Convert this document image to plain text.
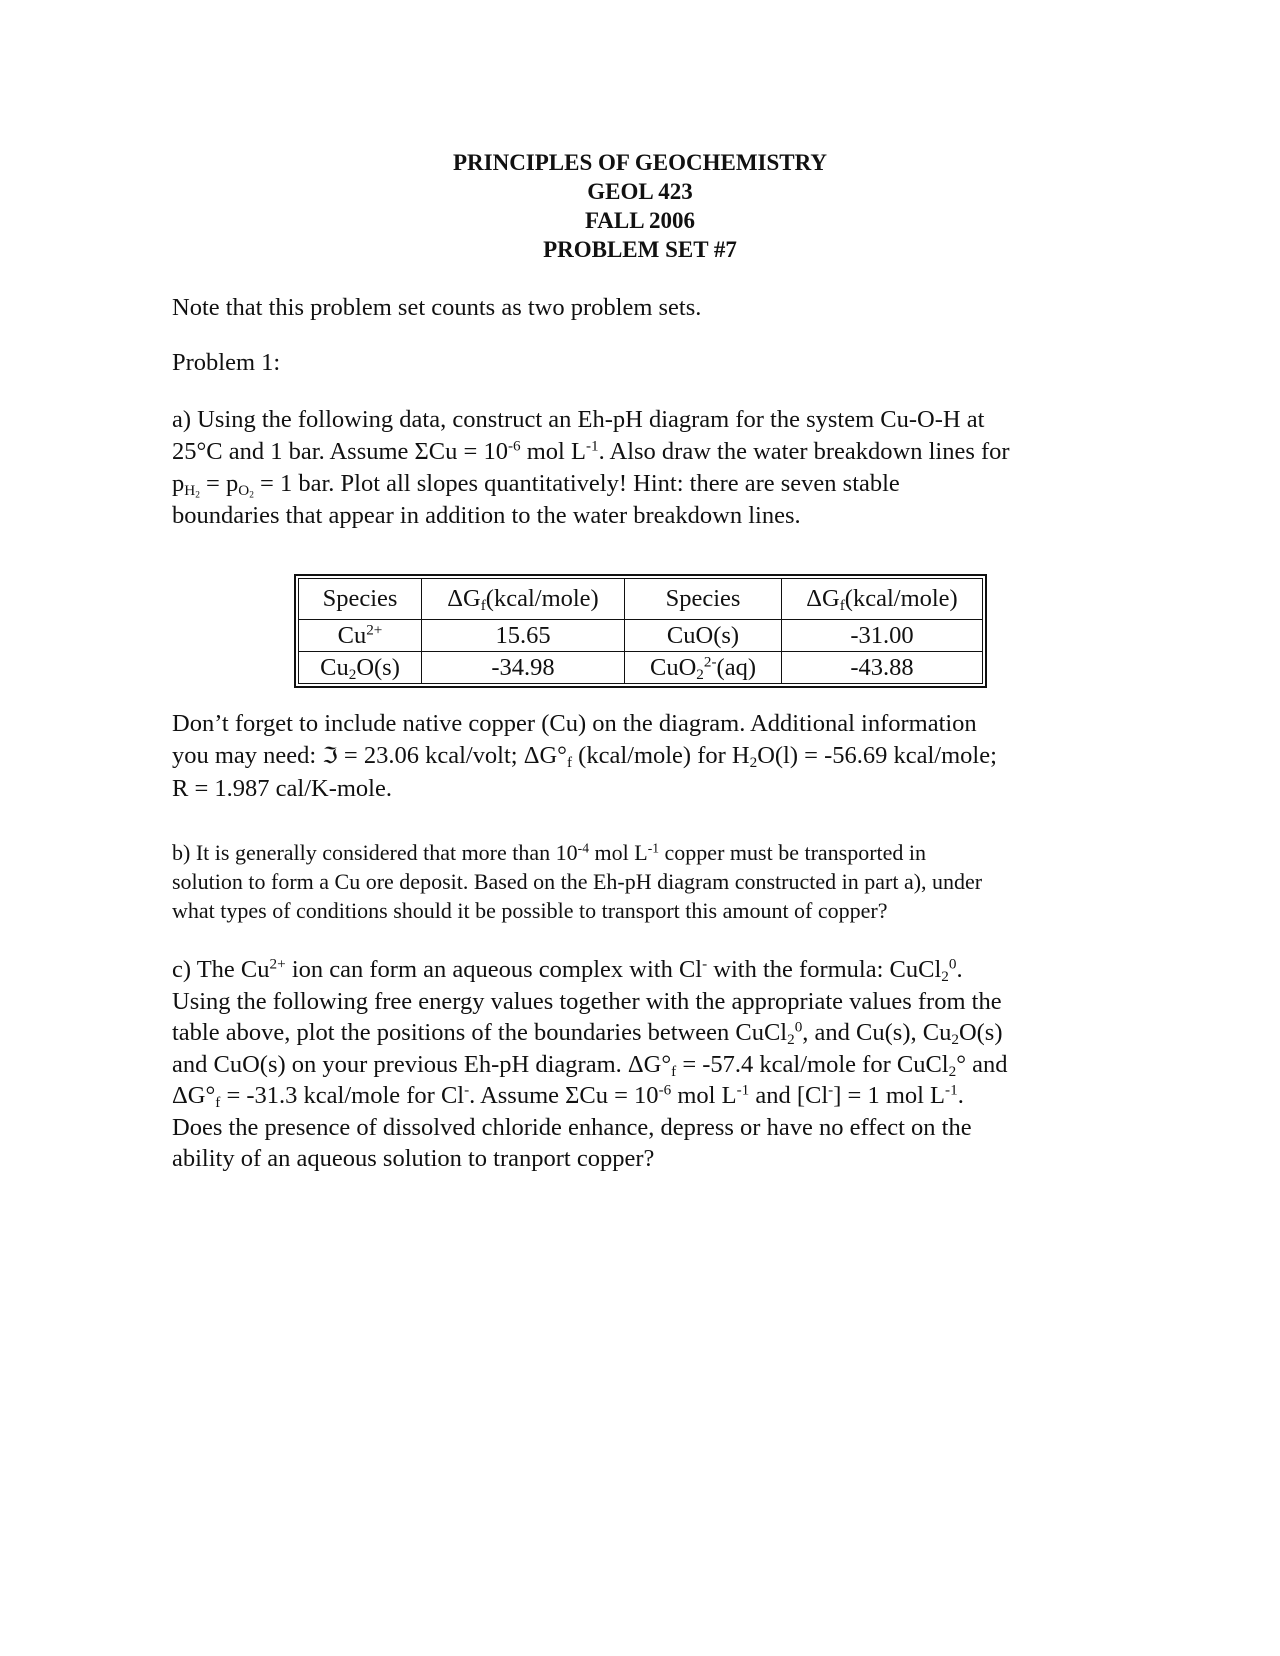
PRINCIPLES OF GEOCHEMISTRY
GEOL 423
FALL 2006
PROBLEM SET #7
Note that this problem set counts as two problem sets.
Problem 1:
a) Using the following data, construct an Eh-pH diagram for the system Cu-O-H at
25°C and 1 bar. Assume $\Sigma Cu = 10^{-6}$ mol $L^{-1}$. Also draw the water breakdown lines for
$p_{H_2} = p_{O_2} = 1$ bar. Plot all slopes quantitatively! Hint: there are seven stable
boundaries that appear in addition to the water breakdown lines.
Species	$\Delta G_f(kcal/mole)$	Species	$\Delta G_f(kcal/mole)$
$Cu^{2+}$	15.65	CuO(s)	-31.00
$Cu_2O(s)$	-34.98	CuO$_2^{2-}$(aq)	-43.88
Don’t forget to include native copper (Cu) on the diagram. Additional information
you may need: ℑ = 23.06 kcal/volt; $\Delta G^\circ_f$ (kcal/mole) for $H_2O(l) = -56.69$ kcal/mole;
R = 1.987 cal/K-mole.
b) It is generally considered that more than $10^{-4}$ mol $L^{-1}$ copper must be transported in
solution to form a Cu ore deposit. Based on the Eh-pH diagram constructed in part a), under
what types of conditions should it be possible to transport this amount of copper?
c) The $Cu^{2+}$ ion can form an aqueous complex with Cl- with the formula: CuCl$_2^0$.
Using the following free energy values together with the appropriate values from the
table above, plot the positions of the boundaries between CuCl$_2^0$, and Cu(s), $Cu_2O(s)$
and CuO(s) on your previous Eh-pH diagram. $\Delta G^\circ_f = -57.4$ kcal/mole for CuCl$_2$° and
$\Delta G^\circ_f = -31.3$ kcal/mole for Cl-. Assume $\Sigma Cu = 10^{-6}$ mol $L^{-1}$ and [Cl-] = 1 mol $L^{-1}$.
Does the presence of dissolved chloride enhance, depress or have no effect on the
ability of an aqueous solution to tranport copper?
